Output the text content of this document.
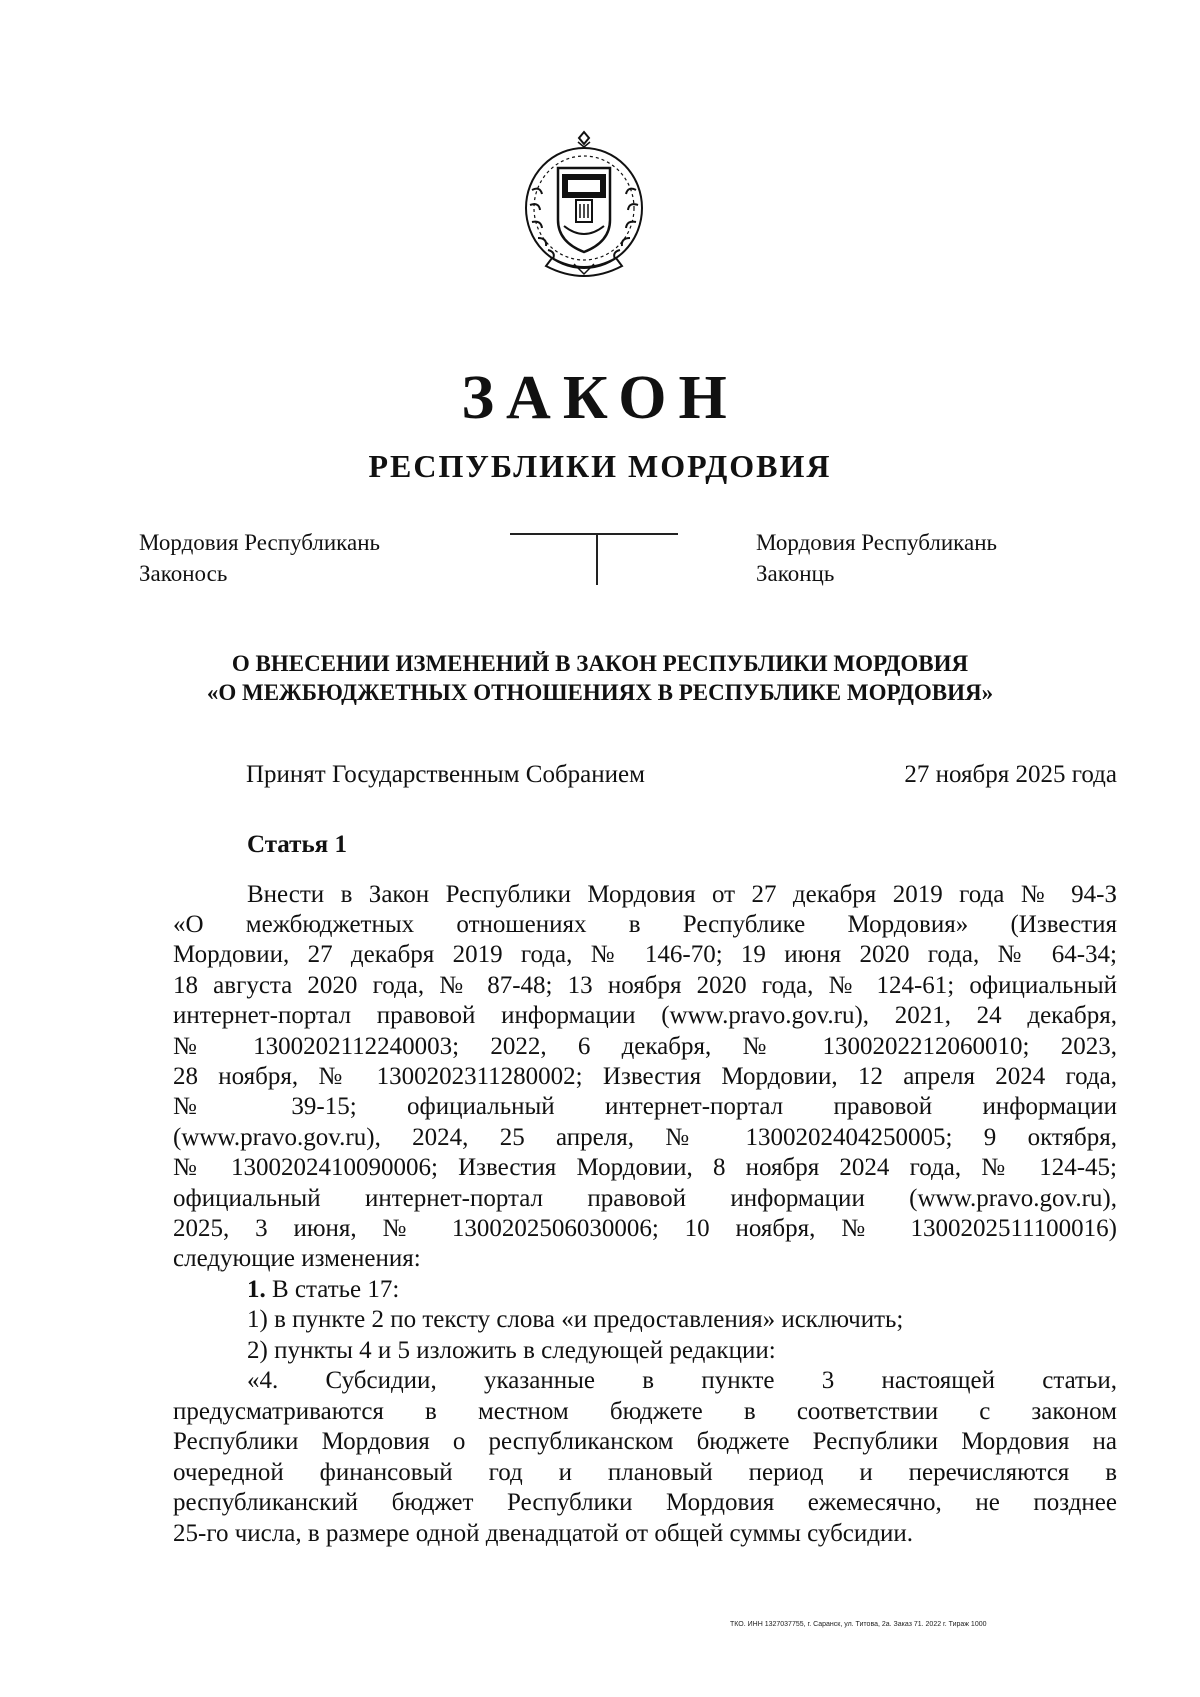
ЗАКОН
РЕСПУБЛИКИ МОРДОВИЯ
Мордовия Республикань
Законось
Мордовия Республикань
Законць
О ВНЕСЕНИИ ИЗМЕНЕНИЙ В ЗАКОН РЕСПУБЛИКИ МОРДОВИЯ
«О МЕЖБЮДЖЕТНЫХ ОТНОШЕНИЯХ В РЕСПУБЛИКЕ МОРДОВИЯ»
Принят Государственным Собранием	27 ноября 2025 года
Статья 1
Внести в Закон Республики Мордовия от 27 декабря 2019 года № 94-З
«О межбюджетных отношениях в Республике Мордовия» (Известия
Мордовии, 27 декабря 2019 года, № 146-70; 19 июня 2020 года, № 64-34;
18 августа 2020 года, № 87-48; 13 ноября 2020 года, № 124-61; официальный
интернет-портал правовой информации (www.pravo.gov.ru), 2021, 24 декабря,
№ 1300202112240003; 2022, 6 декабря, № 1300202212060010; 2023,
28 ноября, № 1300202311280002; Известия Мордовии, 12 апреля 2024 года,
№ 39-15; официальный интернет-портал правовой информации
(www.pravo.gov.ru), 2024, 25 апреля, № 1300202404250005; 9 октября,
№ 1300202410090006; Известия Мордовии, 8 ноября 2024 года, № 124-45;
официальный интернет-портал правовой информации (www.pravo.gov.ru),
2025, 3 июня, № 1300202506030006; 10 ноября, № 1300202511100016)
следующие изменения:
1. В статье 17:
1) в пункте 2 по тексту слова «и предоставления» исключить;
2) пункты 4 и 5 изложить в следующей редакции:
«4. Субсидии, указанные в пункте 3 настоящей статьи,
предусматриваются в местном бюджете в соответствии с законом
Республики Мордовия о республиканском бюджете Республики Мордовия на
очередной финансовый год и плановый период и перечисляются в
республиканский бюджет Республики Мордовия ежемесячно, не позднее
25-го числа, в размере одной двенадцатой от общей суммы субсидии.
ТКО. ИНН 1327037755, г. Саранск, ул. Титова, 2а. Заказ 71. 2022 г. Тираж 1000
